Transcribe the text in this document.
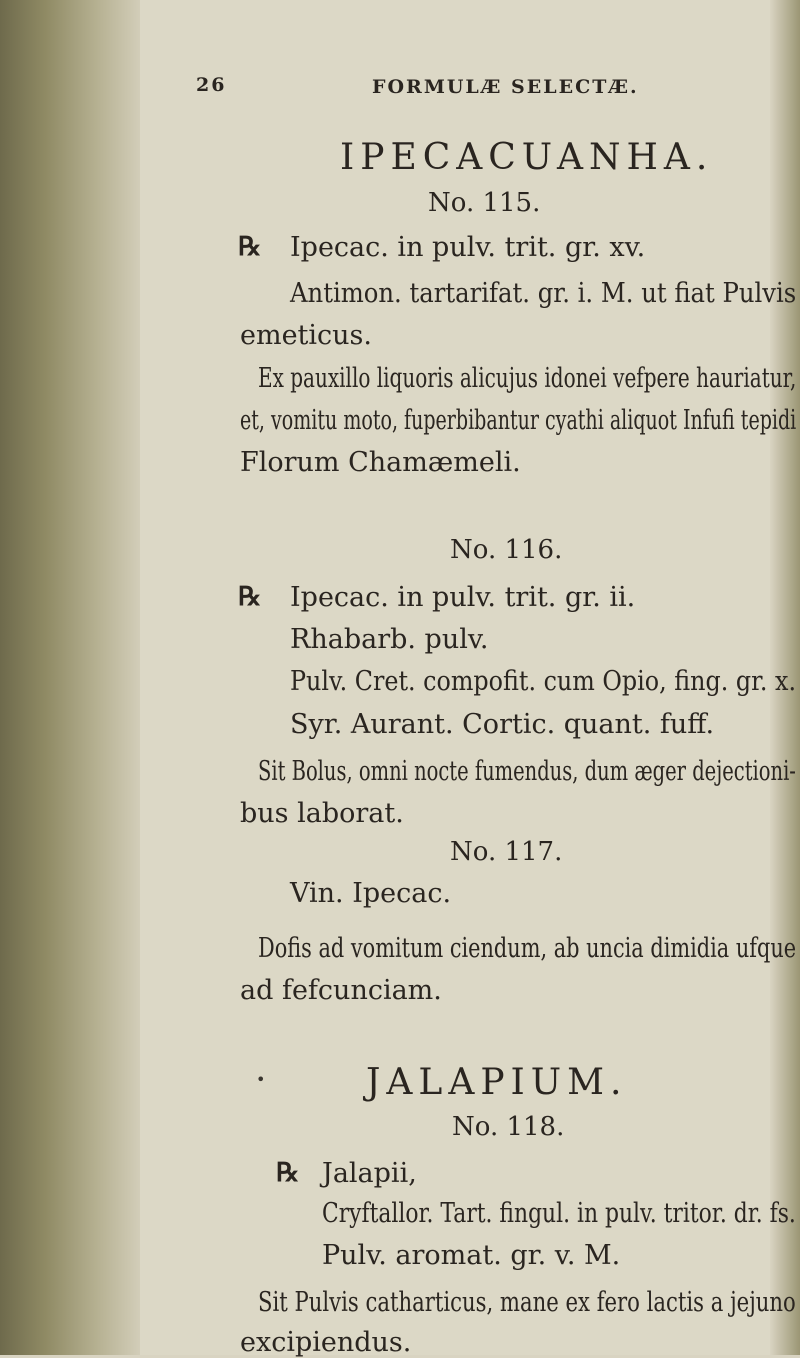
26	FORMULÆ SELECTÆ.
IPECACUANHA.
No. 115.
℞ Ipecac. in pulv. trit. gr. xv.
Antimon. tartarifat. gr. i. M. ut fiat Pulvis
emeticus.
Ex pauxillo liquoris alicujus idonei vefpere hauriatur,
et, vomitu moto, fuperbibantur cyathi aliquot Infufi tepidi
Florum Chamæmeli.
No. 116.
℞ Ipecac. in pulv. trit. gr. ii.
Rhabarb. pulv.
Pulv. Cret. compofit. cum Opio, fing. gr. x.
Syr. Aurant. Cortic. quant. fuff.
Sit Bolus, omni nocte fumendus, dum æger dejectioni-
bus laborat.
No. 117.
Vin. Ipecac.
Dofis ad vomitum ciendum, ab uncia dimidia ufque
ad fefcunciam.
•	JALAPIUM.
No. 118.
℞ Jalapii,
Cryftallor. Tart. fingul. in pulv. tritor. dr. fs.
Pulv. aromat. gr. v. M.
Sit Pulvis catharticus, mane ex fero lactis a jejuno
excipiendus.
